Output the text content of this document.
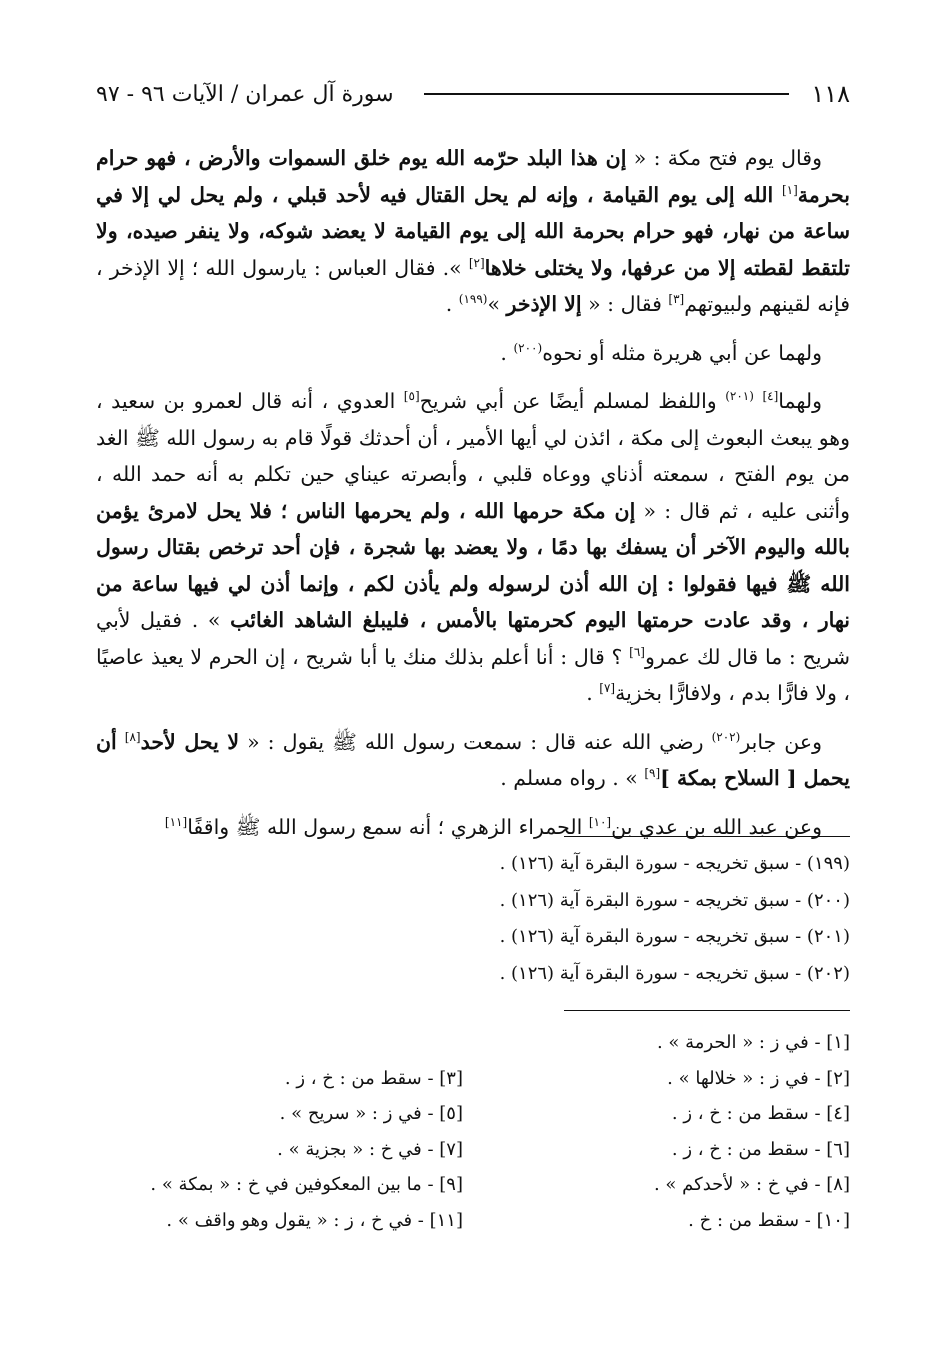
١١٨
سورة آل عمران / الآيات ٩٦ - ٩٧

وقال يوم فتح مكة : « إن هذا البلد حرّمه الله يوم خلق السموات والأرض ، فهو حرام بحرمة[١] الله إلى يوم القيامة ، وإنه لم يحل القتال فيه لأحد قبلي ، ولم يحل لي إلا في ساعة من نهار، فهو حرام بحرمة الله إلى يوم القيامة لا يعضد شوكه، ولا ينفر صيده، ولا تلتقط لقطته إلا من عرفها، ولا يختلى خلاها[٢] ». فقال العباس : يارسول الله ؛ إلا الإذخر ، فإنه لقينهم ولبيوتهم[٣] فقال : « إلا الإذخر »$^{(١٩٩)}$ .

ولهما عن أبي هريرة مثله أو نحوه$^{(٢٠٠)}$ .

ولهما[٤] $^{(٢٠١)}$ واللفظ لمسلم أيضًا عن أبي شريح[٥] العدوي ، أنه قال لعمرو بن سعيد ، وهو يبعث البعوث إلى مكة ، ائذن لي أيها الأمير ، أن أحدثك قولًا قام به رسول الله ﷺ الغد من يوم الفتح ، سمعته أذناي ووعاه قلبي ، وأبصرته عيناي حين تكلم به أنه حمد الله ، وأثنى عليه ، ثم قال : « إن مكة حرمها الله ، ولم يحرمها الناس ؛ فلا يحل لامرئ يؤمن بالله واليوم الآخر أن يسفك بها دمًا ، ولا يعضد بها شجرة ، فإن أحد ترخص بقتال رسول الله ﷺ فيها فقولوا : إن الله أذن لرسوله ولم يأذن لكم ، وإنما أذن لي فيها ساعة من نهار ، وقد عادت حرمتها اليوم كحرمتها بالأمس ، فليبلغ الشاهد الغائب » . فقيل لأبي شريح : ما قال لك عمرو[٦] ؟ قال : أنا أعلم بذلك منك يا أبا شريح ، إن الحرم لا يعيذ عاصيًا ، ولا فارًّا بدم ، ولافارًّا بخزية[٧] .

وعن جابر$^{(٢٠٢)}$ رضي الله عنه قال : سمعت رسول الله ﷺ يقول : « لا يحل لأحد[٨] أن يحمل [ السلاح بمكة ][٩] » . رواه مسلم .

وعن عبد الله بن عدي بن[١٠] الحمراء الزهري ؛ أنه سمع رسول الله ﷺ واقفًا[١١]

(١٩٩) - سبق تخريجه - سورة البقرة آية (١٢٦) .
(٢٠٠) - سبق تخريجه - سورة البقرة آية (١٢٦) .
(٢٠١) - سبق تخريجه - سورة البقرة آية (١٢٦) .
(٢٠٢) - سبق تخريجه - سورة البقرة آية (١٢٦) .
[١] - في ز : « الحرمة » .
[٢] - في ز : « خلالها » .
[٣] - سقط من : خ ، ز .
[٤] - سقط من : خ ، ز .
[٥] - في ز : « سريح » .
[٦] - سقط من : خ ، ز .
[٧] - في خ : « بجزية » .
[٨] - في خ : « لأحدكم » .
[٩] - ما بين المعكوفين في خ : « بمكة » .
[١٠] - سقط من : خ .
[١١] - في خ ، ز : « يقول وهو واقف » .
